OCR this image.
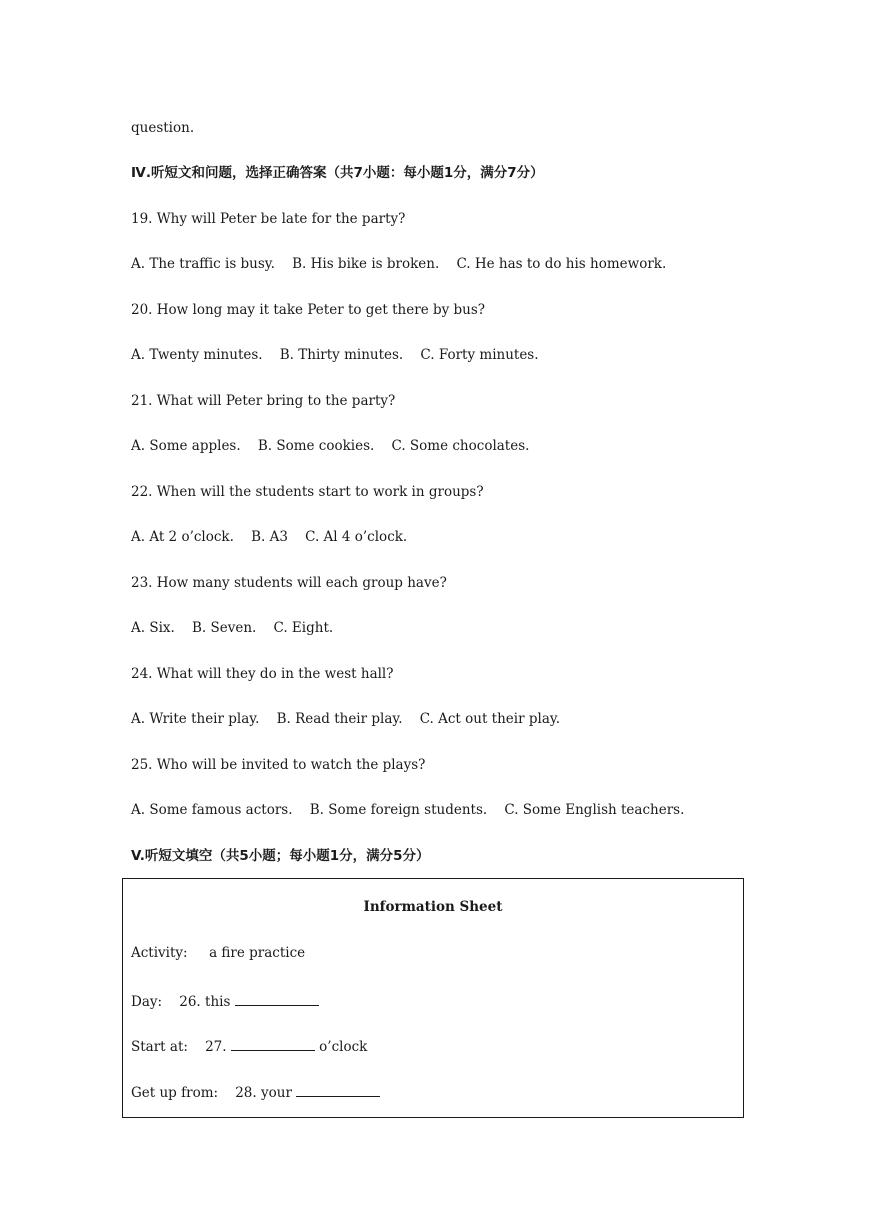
question.

Ⅳ.听短文和问题，选择正确答案（共7小题：每小题1分，满分7分）

19. Why will Peter be late for the party?

A. The traffic is busy. B. His bike is broken. C. He has to do his homework.

20. How long may it take Peter to get there by bus?

A. Twenty minutes. B. Thirty minutes. C. Forty minutes.

21. What will Peter bring to the party?

A. Some apples. B. Some cookies. C. Some chocolates.

22. When will the students start to work in groups?

A. At 2 o’clock. B. A3 C. Al 4 o’clock.

23. How many students will each group have?

A. Six. B. Seven. C. Eight.

24. What will they do in the west hall?

A. Write their play. B. Read their play. C. Act out their play.

25. Who will be invited to watch the plays?

A. Some famous actors. B. Some foreign students. C. Some English teachers.

V.听短文填空（共5小题；每小题1分，满分5分）

Information Sheet
Activity: a fire practice
Day: 26. this
Start at: 27.	o’clock
Get up from: 28. your
